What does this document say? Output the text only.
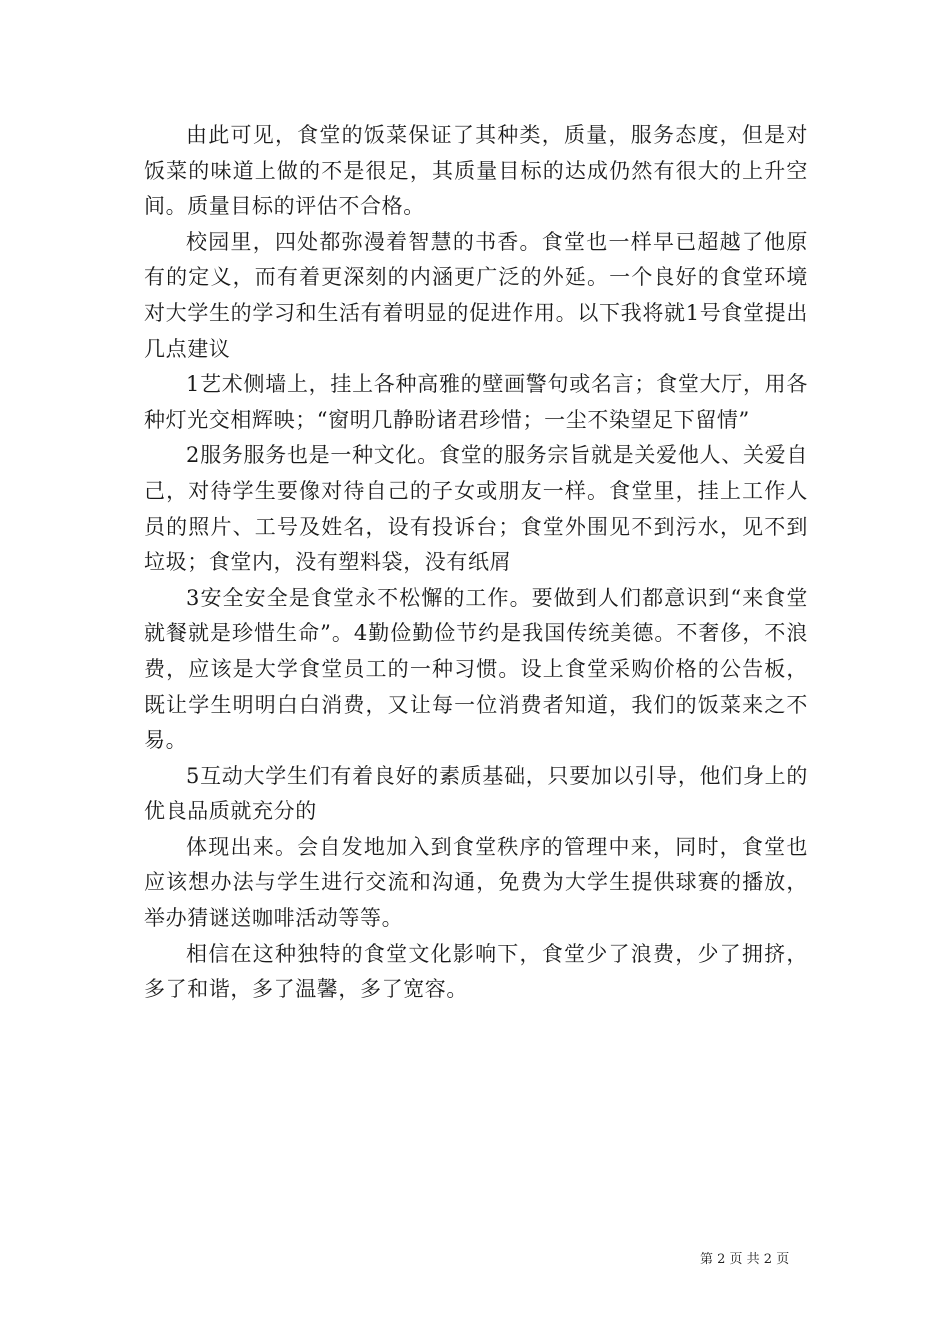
由此可见，食堂的饭菜保证了其种类，质量，服务态度，但是对饭菜的味道上做的不是很足，其质量目标的达成仍然有很大的上升空间。质量目标的评估不合格。

校园里，四处都弥漫着智慧的书香。食堂也一样早已超越了他原有的定义，而有着更深刻的内涵更广泛的外延。一个良好的食堂环境对大学生的学习和生活有着明显的促进作用。以下我将就1号食堂提出几点建议

1艺术侧墙上，挂上各种高雅的壁画警句或名言；食堂大厅，用各种灯光交相辉映；“窗明几静盼诸君珍惜；一尘不染望足下留情”

2服务服务也是一种文化。食堂的服务宗旨就是关爱他人、关爱自己，对待学生要像对待自己的子女或朋友一样。食堂里，挂上工作人员的照片、工号及姓名，设有投诉台；食堂外围见不到污水，见不到垃圾；食堂内，没有塑料袋，没有纸屑

3安全安全是食堂永不松懈的工作。要做到人们都意识到“来食堂就餐就是珍惜生命”。4勤俭勤俭节约是我国传统美德。不奢侈，不浪费，应该是大学食堂员工的一种习惯。设上食堂采购价格的公告板，既让学生明明白白消费，又让每一位消费者知道，我们的饭菜来之不易。

5互动大学生们有着良好的素质基础，只要加以引导，他们身上的优良品质就充分的

体现出来。会自发地加入到食堂秩序的管理中来，同时，食堂也应该想办法与学生进行交流和沟通，免费为大学生提供球赛的播放，举办猜谜送咖啡活动等等。

相信在这种独特的食堂文化影响下，食堂少了浪费，少了拥挤，多了和谐，多了温馨，多了宽容。

第 2 页 共 2 页
